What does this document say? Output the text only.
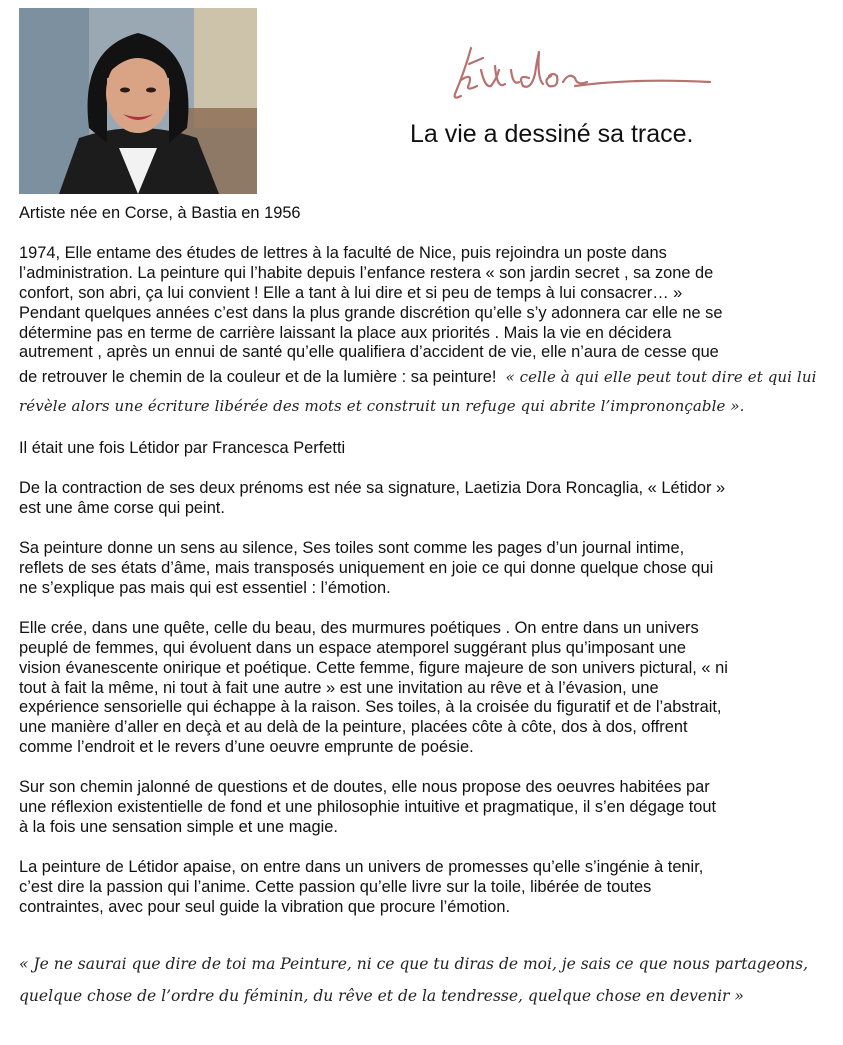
La vie a dessiné sa trace.

Artiste née en Corse, à Bastia en 1956

1974, Elle entame des études de lettres à la faculté de Nice, puis rejoindra un poste dans
l’administration. La peinture qui l’habite depuis l’enfance restera « son jardin secret , sa zone de
confort, son abri, ça lui convient ! Elle a tant à lui dire et si peu de temps à lui consacrer… »
Pendant quelques années c’est dans la plus grande discrétion qu’elle s’y adonnera car elle ne se
détermine pas en terme de carrière laissant la place aux priorités . Mais la vie en décidera
autrement , après un ennui de santé qu’elle qualifiera d’accident de vie, elle n’aura de cesse que
de retrouver le chemin de la couleur et de la lumière : sa peinture! « celle à qui elle peut tout dire et qui lui révèle alors une écriture libérée des mots et construit un refuge qui abrite l’imprononçable ».

Il était une fois Létidor par Francesca Perfetti

De la contraction de ses deux prénoms est née sa signature, Laetizia Dora Roncaglia, « Létidor »
est une âme corse qui peint.

Sa peinture donne un sens au silence, Ses toiles sont comme les pages d’un journal intime,
reflets de ses états d’âme, mais transposés uniquement en joie ce qui donne quelque chose qui
ne s’explique pas mais qui est essentiel : l’émotion.

Elle crée, dans une quête, celle du beau, des murmures poétiques . On entre dans un univers
peuplé de femmes, qui évoluent dans un espace atemporel suggérant plus qu’imposant une
vision évanescente onirique et poétique. Cette femme, figure majeure de son univers pictural, « ni
tout à fait la même, ni tout à fait une autre » est une invitation au rêve et à l’évasion, une
expérience sensorielle qui échappe à la raison. Ses toiles, à la croisée du figuratif et de l’abstrait,
une manière d’aller en deçà et au delà de la peinture, placées côte à côte, dos à dos, offrent
comme l’endroit et le revers d’une oeuvre emprunte de poésie.

Sur son chemin jalonné de questions et de doutes, elle nous propose des oeuvres habitées par
une réflexion existentielle de fond et une philosophie intuitive et pragmatique, il s’en dégage tout
à la fois une sensation simple et une magie.

La peinture de Létidor apaise, on entre dans un univers de promesses qu’elle s’ingénie à tenir,
c’est dire la passion qui l’anime. Cette passion qu’elle livre sur la toile, libérée de toutes
contraintes, avec pour seul guide la vibration que procure l’émotion.

« Je ne saurai que dire de toi ma Peinture, ni ce que tu diras de moi, je sais ce que nous partageons,
quelque chose de l’ordre du féminin, du rêve et de la tendresse, quelque chose en devenir »
